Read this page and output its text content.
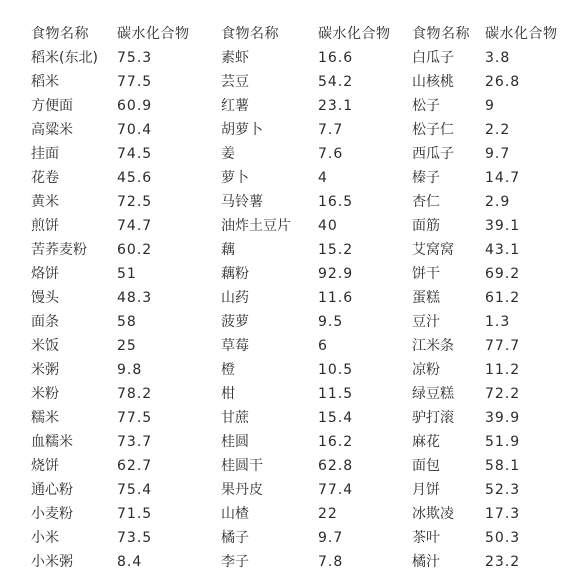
食物名称	碳水化合物	食物名称	碳水化合物	食物名称	碳水化合物
稻米(东北)	75.3	素虾	16.6	白瓜子	3.8
稻米	77.5	芸豆	54.2	山核桃	26.8
方便面	60.9	红薯	23.1	松子	9
高粱米	70.4	胡萝卜	7.7	松子仁	2.2
挂面	74.5	姜	7.6	西瓜子	9.7
花卷	45.6	萝卜	4	榛子	14.7
黄米	72.5	马铃薯	16.5	杏仁	2.9
煎饼	74.7	油炸土豆片	40	面筋	39.1
苦荞麦粉	60.2	藕	15.2	艾窝窝	43.1
烙饼	51	藕粉	92.9	饼干	69.2
馒头	48.3	山药	11.6	蛋糕	61.2
面条	58	菠萝	9.5	豆汁	1.3
米饭	25	草莓	6	江米条	77.7
米粥	9.8	橙	10.5	凉粉	11.2
米粉	78.2	柑	11.5	绿豆糕	72.2
糯米	77.5	甘蔗	15.4	驴打滚	39.9
血糯米	73.7	桂圆	16.2	麻花	51.9
烧饼	62.7	桂圆干	62.8	面包	58.1
通心粉	75.4	果丹皮	77.4	月饼	52.3
小麦粉	71.5	山楂	22	冰欺凌	17.3
小米	73.5	橘子	9.7	茶叶	50.3
小米粥	8.4	李子	7.8	橘汁	23.2
